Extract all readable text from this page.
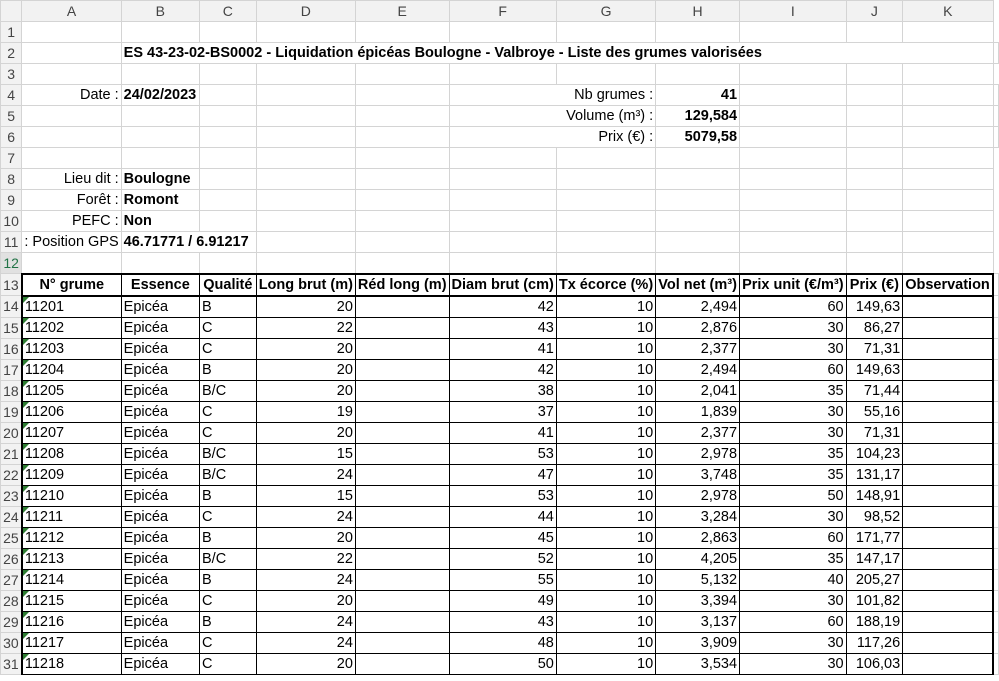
	A	B	C	D	E	F	G	H	I	J	K	
1												
2		ES 43-23-02-BS0002 - Liquidation épicéas Boulogne - Valbroye - Liste des grumes valorisées										
3												
4	Date :	24/02/2023				Nb grumes :		41				
5						Volume (m³) :		129,584				
6						Prix (€) :		5079,58				
7												
8	Lieu dit :	Boulogne										
9	Forêt :	Romont										
10	PEFC :	Non										
11	Position GPS :	46.71771 / 6.91217										
12												
13	N° grume	Essence	Qualité	Long brut (m)	Réd long (m)	Diam brut (cm)	Tx écorce (%)	Vol net (m³)	Prix unit (€/m³)	Prix (€)	Observation	
14	11201	Epicéa	B	20		42	10	2,494	60	149,63		
15	11202	Epicéa	C	22		43	10	2,876	30	86,27		
16	11203	Epicéa	C	20		41	10	2,377	30	71,31		
17	11204	Epicéa	B	20		42	10	2,494	60	149,63		
18	11205	Epicéa	B/C	20		38	10	2,041	35	71,44		
19	11206	Epicéa	C	19		37	10	1,839	30	55,16		
20	11207	Epicéa	C	20		41	10	2,377	30	71,31		
21	11208	Epicéa	B/C	15		53	10	2,978	35	104,23		
22	11209	Epicéa	B/C	24		47	10	3,748	35	131,17		
23	11210	Epicéa	B	15		53	10	2,978	50	148,91		
24	11211	Epicéa	C	24		44	10	3,284	30	98,52		
25	11212	Epicéa	B	20		45	10	2,863	60	171,77		
26	11213	Epicéa	B/C	22		52	10	4,205	35	147,17		
27	11214	Epicéa	B	24		55	10	5,132	40	205,27		
28	11215	Epicéa	C	20		49	10	3,394	30	101,82		
29	11216	Epicéa	B	24		43	10	3,137	60	188,19		
30	11217	Epicéa	C	24		48	10	3,909	30	117,26		
31	11218	Epicéa	C	20		50	10	3,534	30	106,03		
